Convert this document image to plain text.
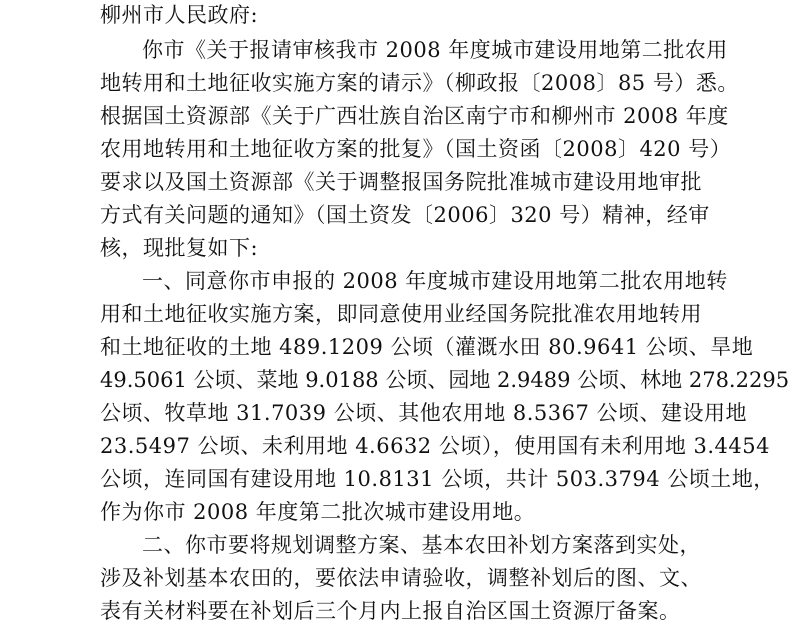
柳州市人民政府:
你市《关于报请审核我市 2008 年度城市建设用地第二批农用
地转用和土地征收实施方案的请示》（柳政报〔2008〕85 号）悉。
根据国土资源部《关于广西壮族自治区南宁市和柳州市 2008 年度
农用地转用和土地征收方案的批复》（国土资函〔2008〕420 号）
要求以及国土资源部《关于调整报国务院批准城市建设用地审批
方式有关问题的通知》（国土资发〔2006〕320 号）精神，经审
核，现批复如下:
一、同意你市申报的 2008 年度城市建设用地第二批农用地转
用和土地征收实施方案，即同意使用业经国务院批准农用地转用
和土地征收的土地 489.1209 公顷（灌溉水田 80.9641 公顷、旱地
49.5061 公顷、菜地 9.0188 公顷、园地 2.9489 公顷、林地 278.2295
公顷、牧草地 31.7039 公顷、其他农用地 8.5367 公顷、建设用地
23.5497 公顷、未利用地 4.6632 公顷），使用国有未利用地 3.4454
公顷，连同国有建设用地 10.8131 公顷，共计 503.3794 公顷土地，
作为你市 2008 年度第二批次城市建设用地。
二、你市要将规划调整方案、基本农田补划方案落到实处，
涉及补划基本农田的，要依法申请验收，调整补划后的图、文、
表有关材料要在补划后三个月内上报自治区国土资源厅备案。
